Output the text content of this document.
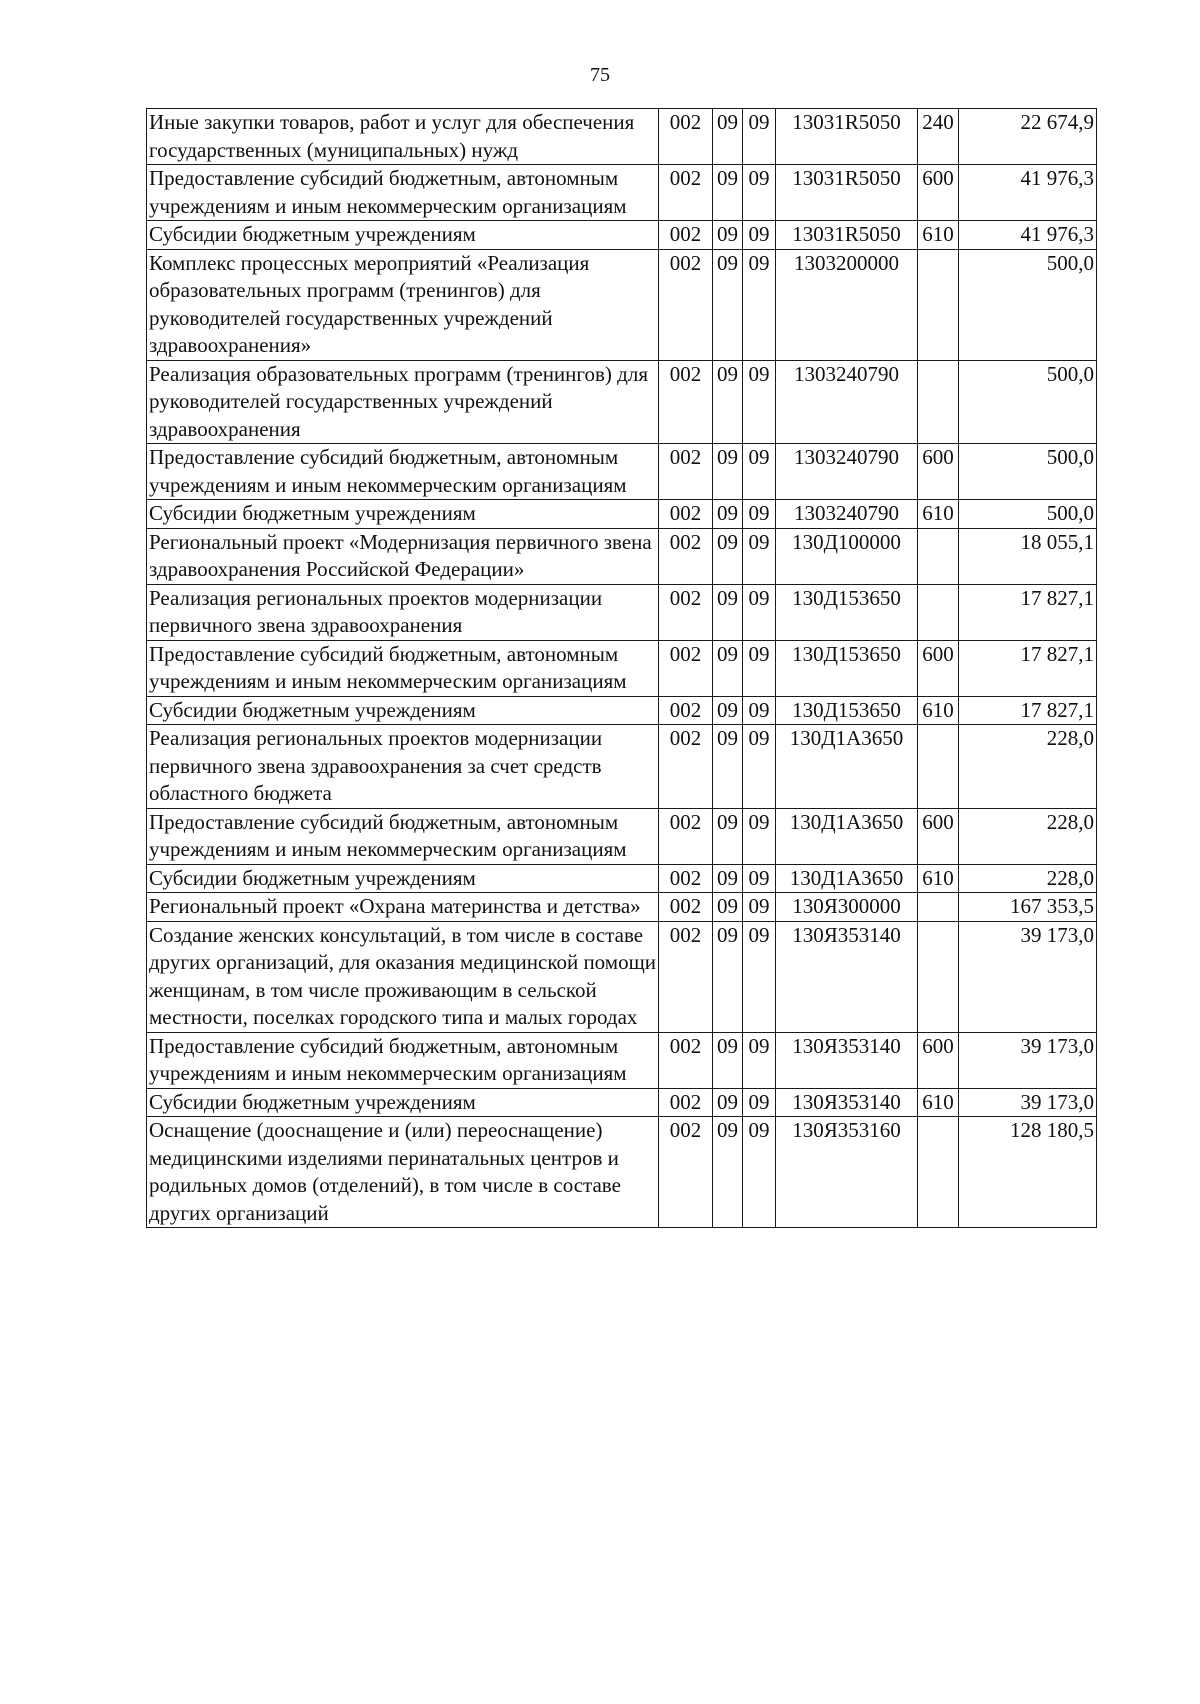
75
Иные закупки товаров, работ и услуг для обеспечения государственных (муниципальных) нужд	002	09	09	13031R5050	240	22 674,9
Предоставление субсидий бюджетным, автономным учреждениям и иным некоммерческим организациям	002	09	09	13031R5050	600	41 976,3
Субсидии бюджетным учреждениям	002	09	09	13031R5050	610	41 976,3
Комплекс процессных мероприятий «Реализация образовательных программ (тренингов) для руководителей государственных учреждений здравоохранения»	002	09	09	1303200000		500,0
Реализация образовательных программ (тренингов) для руководителей государственных учреждений здравоохранения	002	09	09	1303240790		500,0
Предоставление субсидий бюджетным, автономным учреждениям и иным некоммерческим организациям	002	09	09	1303240790	600	500,0
Субсидии бюджетным учреждениям	002	09	09	1303240790	610	500,0
Региональный проект «Модернизация первичного звена здравоохранения Российской Федерации»	002	09	09	130Д100000		18 055,1
Реализация региональных проектов модернизации первичного звена здравоохранения	002	09	09	130Д153650		17 827,1
Предоставление субсидий бюджетным, автономным учреждениям и иным некоммерческим организациям	002	09	09	130Д153650	600	17 827,1
Субсидии бюджетным учреждениям	002	09	09	130Д153650	610	17 827,1
Реализация региональных проектов модернизации первичного звена здравоохранения за счет средств областного бюджета	002	09	09	130Д1А3650		228,0
Предоставление субсидий бюджетным, автономным учреждениям и иным некоммерческим организациям	002	09	09	130Д1А3650	600	228,0
Субсидии бюджетным учреждениям	002	09	09	130Д1А3650	610	228,0
Региональный проект «Охрана материнства и детства»	002	09	09	130Я300000		167 353,5
Создание женских консультаций, в том числе в составе других организаций, для оказания медицинской помощи женщинам, в том числе проживающим в сельской местности, поселках городского типа и малых городах	002	09	09	130Я353140		39 173,0
Предоставление субсидий бюджетным, автономным учреждениям и иным некоммерческим организациям	002	09	09	130Я353140	600	39 173,0
Субсидии бюджетным учреждениям	002	09	09	130Я353140	610	39 173,0
Оснащение (дооснащение и (или) переоснащение) медицинскими изделиями перинатальных центров и родильных домов (отделений), в том числе в составе других организаций	002	09	09	130Я353160		128 180,5
